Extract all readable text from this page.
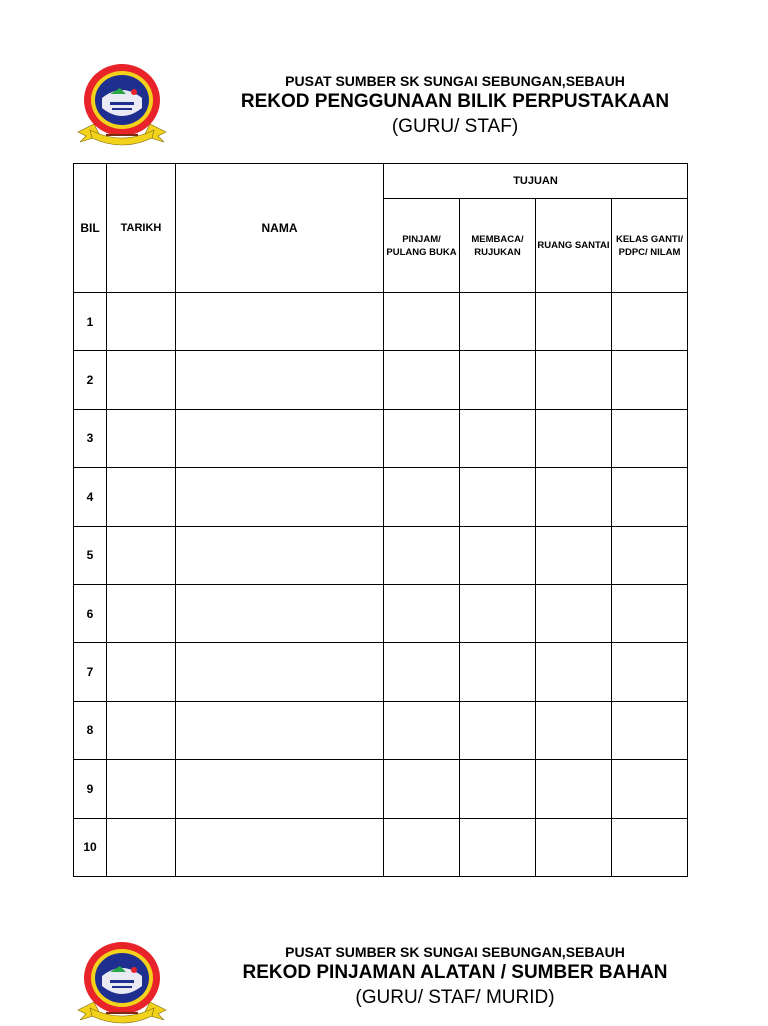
PUSAT SUMBER SK SUNGAI SEBUNGAN,SEBAUH
REKOD PENGGUNAAN BILIK PERPUSTAKAAN
(GURU/ STAF)
BIL	TARIKH	NAMA	TUJUAN			
			PINJAM/ PULANG BUKA	MEMBACA/ RUJUKAN	RUANG SANTAI	KELAS GANTI/ PDPC/ NILAM
1						
2						
3						
4						
5						
6						
7						
8						
9						
10						
PUSAT SUMBER SK SUNGAI SEBUNGAN,SEBAUH
REKOD PINJAMAN ALATAN / SUMBER BAHAN
(GURU/ STAF/ MURID)
